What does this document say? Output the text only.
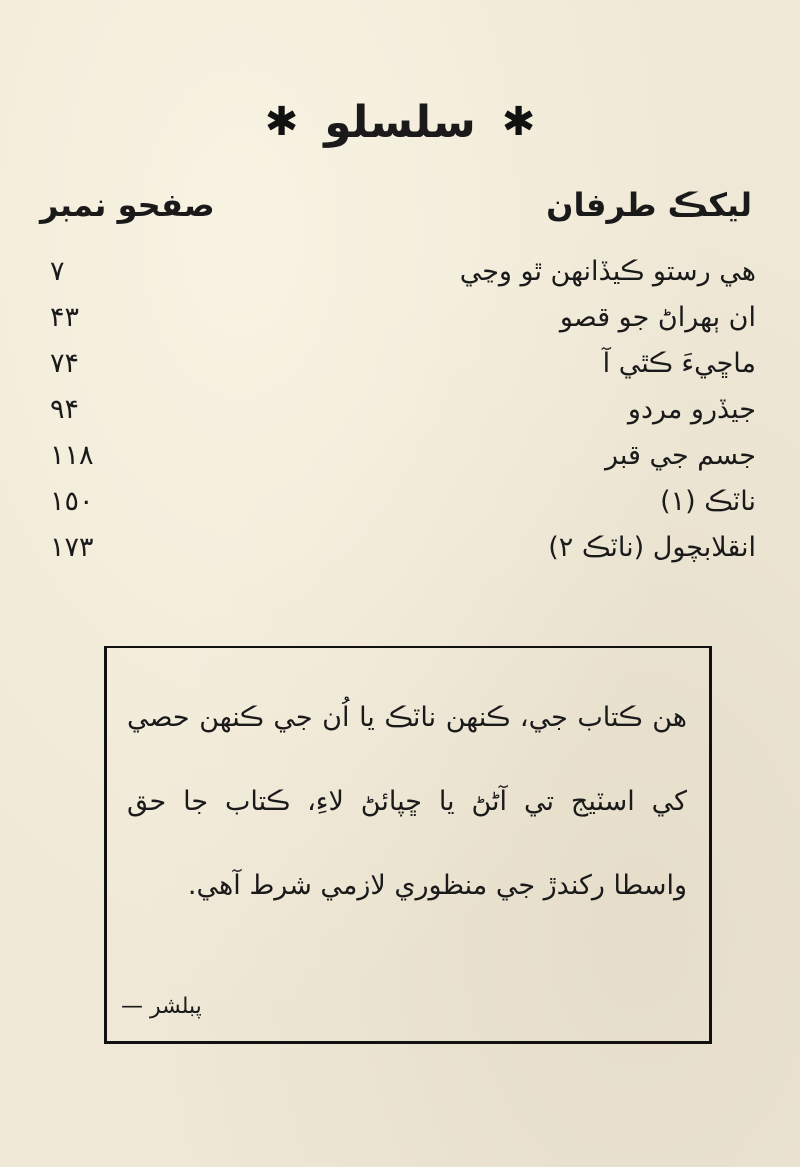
✱ سلسلو ✱
ليکڪ طرفان
صفحو نمبر
هي رستو ڪيڏانهن ٿو وڃي
٧
ان ٻهراڻ جو قصو
۴٣
ماڇيءَ ڪٿي آ
٧۴
جيڏرو مردو
٩۴
جسم جي قبر
١١٨
ناٽڪ (١)
١٥٠
انقلابچول (ناٽڪ ٢)
١٧٣
هن ڪتاب جي، ڪنهن ناٽڪ يا اُن جي ڪنهن حصي کي اسٽيج تي آڻڻ يا ڇپائڻ لاءِ، ڪتاب جا حق واسطا رکندڙ جي منظوري لازمي شرط آهي.
پبلشر —
